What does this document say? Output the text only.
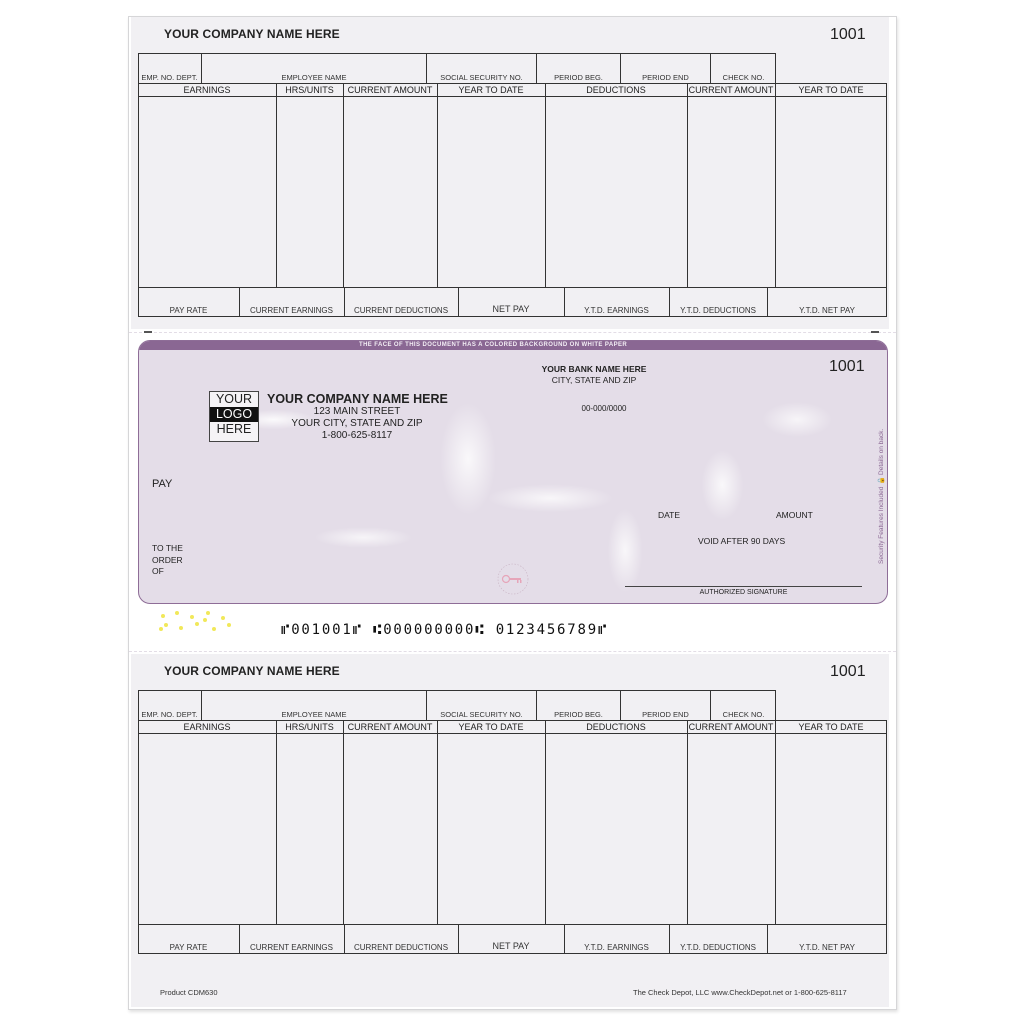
YOUR COMPANY NAME HERE	1001
EMP. NO. DEPT.	EMPLOYEE NAME	SOCIAL SECURITY NO.	PERIOD BEG.	PERIOD END	CHECK NO.
EARNINGS	HRS/UNITS	CURRENT AMOUNT	YEAR TO DATE	DEDUCTIONS	CURRENT AMOUNT	YEAR TO DATE
PAY RATE	CURRENT EARNINGS	CURRENT DEDUCTIONS	NET PAY	Y.T.D. EARNINGS	Y.T.D. DEDUCTIONS	Y.T.D. NET PAY
THE FACE OF THIS DOCUMENT HAS A COLORED BACKGROUND ON WHITE PAPER
YOUR
LOGO
HERE
YOUR COMPANY NAME HERE
123 MAIN STREET
YOUR CITY, STATE AND ZIP
1-800-625-8117
YOUR BANK NAME HERE
CITY, STATE AND ZIP
00-000/0000
1001
PAY
DATE	AMOUNT
VOID AFTER 90 DAYS
TO THE
ORDER
OF
AUTHORIZED SIGNATURE
Security Features Included 🔒 Details on back.
⑈001001⑈ ⑆000000000⑆ 0123456789⑈
YOUR COMPANY NAME HERE	1001
EMP. NO. DEPT.	EMPLOYEE NAME	SOCIAL SECURITY NO.	PERIOD BEG.	PERIOD END	CHECK NO.
EARNINGS	HRS/UNITS	CURRENT AMOUNT	YEAR TO DATE	DEDUCTIONS	CURRENT AMOUNT	YEAR TO DATE
PAY RATE	CURRENT EARNINGS	CURRENT DEDUCTIONS	NET PAY	Y.T.D. EARNINGS	Y.T.D. DEDUCTIONS	Y.T.D. NET PAY
Product CDM630	The Check Depot, LLC www.CheckDepot.net or 1-800-625-8117
